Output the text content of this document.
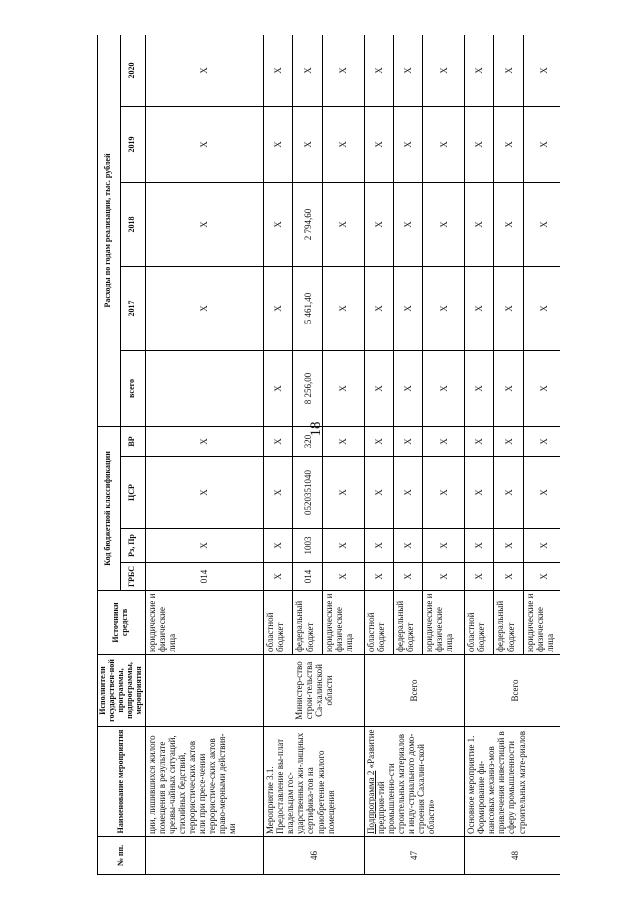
18
№ пп.	Наименование мероприятия	Исполнители государствен-ной программы, подпрограммы, мероприятия	Источники средств	Код бюджетной классификации				Расходы по годам реализации, тыс. рублей				
				ГРБС	Рз, Пр	ЦСР	ВР	всего	2017	2018	2019	2020
	ции, лишившихся жилого помещения в результате чрезвы-чайных ситуаций, стихийных бедствий, террористических актов или при пресе-чении террористиче-ских актов право-мерными действия-ми		юридические и физические лица	014	X	X	X		X	X	X	X
46	Мероприятие 3.1. Предоставление вы-плат владельцам гос-ударственных жи-лищных сертифика-тов на приобретение жилого помещения	Министер-ство строи-тельства Са-халинской области	областной бюджет	X	X	X	X	X	X	X	X	X
			федеральный бюджет	014	1003	0520351040	320	8 256,00	5 461,40	2 794,60	X	X
			юридические и физические лица	X	X	X	X	X	X	X	X	X
47	Подпрограмма 2 «Развитие предприя-тий промышленно-сти строительных материалов и инду-стриального домо-строения Сахалин-ской области»	Всего	областной бюджет	X	X	X	X	X	X	X	X	X
			федеральный бюджет	X	X	X	X	X	X	X	X	X
			юридические и физические лица	X	X	X	X	X	X	X	X	X
48	Основное мероприятие 1. Формирование фи-нансовых механиз-мов привлечения инвестиций в сферу промышленности строительных мате-риалов	Всего	областной бюджет	X	X	X	X	X	X	X	X	X
			федеральный бюджет	X	X	X	X	X	X	X	X	X
			юридические и физические лица	X	X	X	X	X	X	X	X	X
